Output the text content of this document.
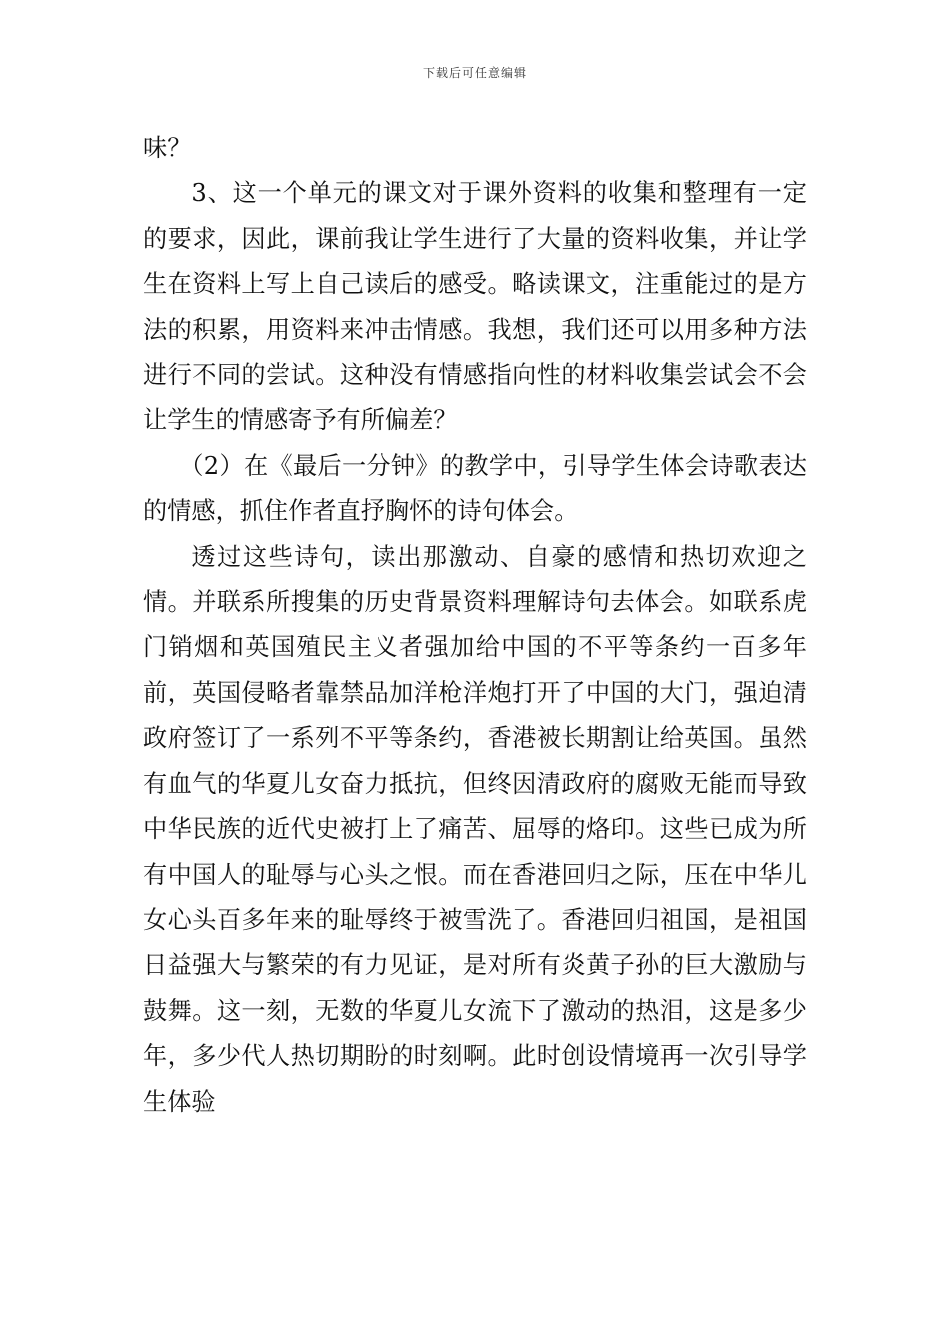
下载后可任意编辑

味？

3、这一个单元的课文对于课外资料的收集和整理有一定的要求，因此，课前我让学生进行了大量的资料收集，并让学生在资料上写上自己读后的感受。略读课文，注重能过的是方法的积累，用资料来冲击情感。我想，我们还可以用多种方法进行不同的尝试。这种没有情感指向性的材料收集尝试会不会让学生的情感寄予有所偏差？

（2）在《最后一分钟》的教学中，引导学生体会诗歌表达的情感，抓住作者直抒胸怀的诗句体会。

透过这些诗句，读出那激动、自豪的感情和热切欢迎之情。并联系所搜集的历史背景资料理解诗句去体会。如联系虎门销烟和英国殖民主义者强加给中国的不平等条约一百多年前，英国侵略者靠禁品加洋枪洋炮打开了中国的大门，强迫清政府签订了一系列不平等条约，香港被长期割让给英国。虽然有血气的华夏儿女奋力抵抗，但终因清政府的腐败无能而导致中华民族的近代史被打上了痛苦、屈辱的烙印。这些已成为所有中国人的耻辱与心头之恨。而在香港回归之际，压在中华儿女心头百多年来的耻辱终于被雪洗了。香港回归祖国，是祖国日益强大与繁荣的有力见证，是对所有炎黄子孙的巨大激励与鼓舞。这一刻，无数的华夏儿女流下了激动的热泪，这是多少年，多少代人热切期盼的时刻啊。此时创设情境再一次引导学生体验
